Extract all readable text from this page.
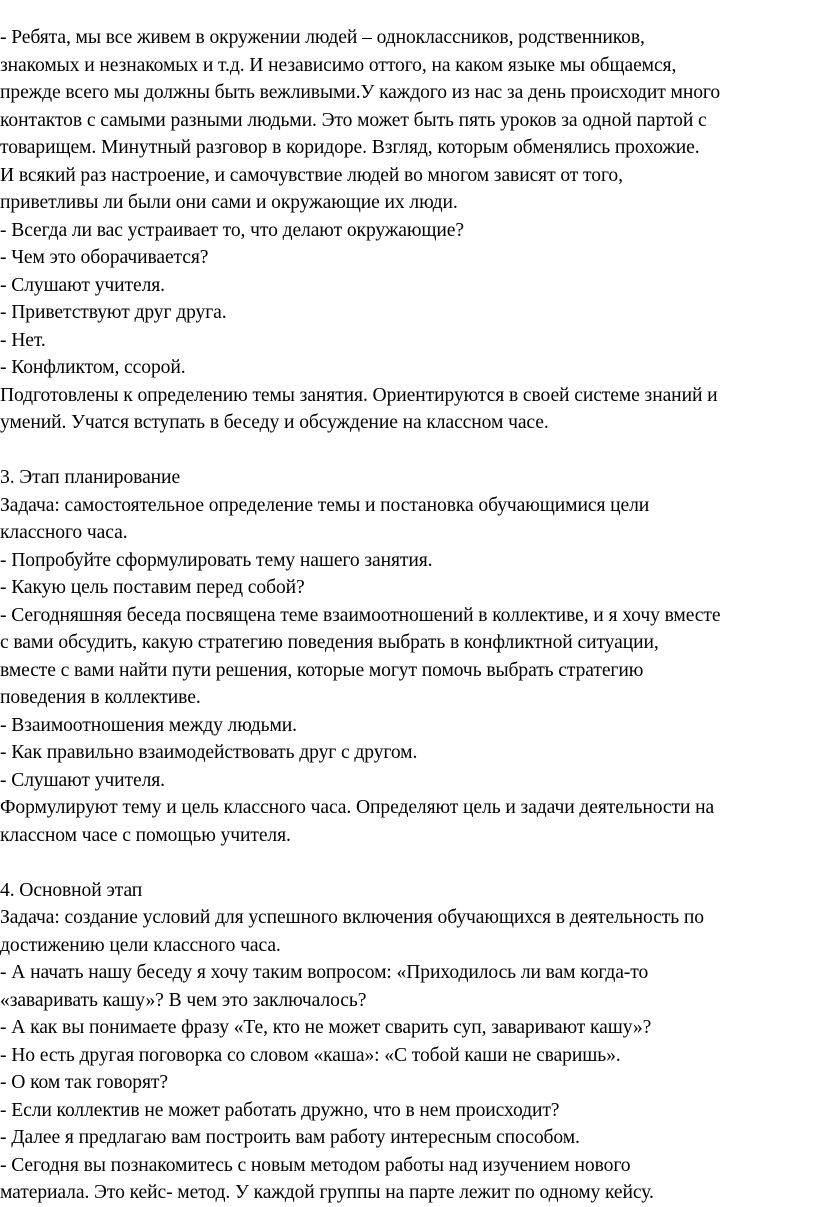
- Ребята, мы все живем в окружении людей – одноклассников, родственников,
знакомых и незнакомых и т.д. И независимо оттого, на каком языке мы общаемся,
прежде всего мы должны быть вежливыми.У каждого из нас за день происходит много
контактов с самыми разными людьми. Это может быть пять уроков за одной партой с
товарищем. Минутный разговор в коридоре. Взгляд, которым обменялись прохожие.
И всякий раз настроение, и самочувствие людей во многом зависят от того,
приветливы ли были они сами и окружающие их люди.
- Всегда ли вас устраивает то, что делают окружающие?
- Чем это оборачивается?
- Слушают учителя.
- Приветствуют друг друга.
- Нет.
- Конфликтом, ссорой.
Подготовлены к определению темы занятия. Ориентируются в своей системе знаний и
умений. Учатся вступать в беседу и обсуждение на классном часе.
3. Этап планирование
Задача: самостоятельное определение темы и постановка обучающимися цели
классного часа.
- Попробуйте сформулировать тему нашего занятия.
- Какую цель поставим перед собой?
- Сегодняшняя беседа посвящена теме взаимоотношений в коллективе, и я хочу вместе
с вами обсудить, какую стратегию поведения выбрать в конфликтной ситуации,
вместе с вами найти пути решения, которые могут помочь выбрать стратегию
поведения в коллективе.
- Взаимоотношения между людьми.
- Как правильно взаимодействовать друг с другом.
- Слушают учителя.
Формулируют тему и цель классного часа. Определяют цель и задачи деятельности на
классном часе с помощью учителя.
4. Основной этап
Задача: создание условий для успешного включения обучающихся в деятельность по
достижению цели классного часа.
- А начать нашу беседу я хочу таким вопросом: «Приходилось ли вам когда-то
«заваривать кашу»? В чем это заключалось?
- А как вы понимаете фразу «Те, кто не может сварить суп, заваривают кашу»?
- Но есть другая поговорка со словом «каша»: «С тобой каши не сваришь».
- О ком так говорят?
- Если коллектив не может работать дружно, что в нем происходит?
- Далее я предлагаю вам построить вам работу интересным способом.
- Сегодня вы познакомитесь с новым методом работы над изучением нового
материала. Это кейс- метод. У каждой группы на парте лежит по одному кейсу.
